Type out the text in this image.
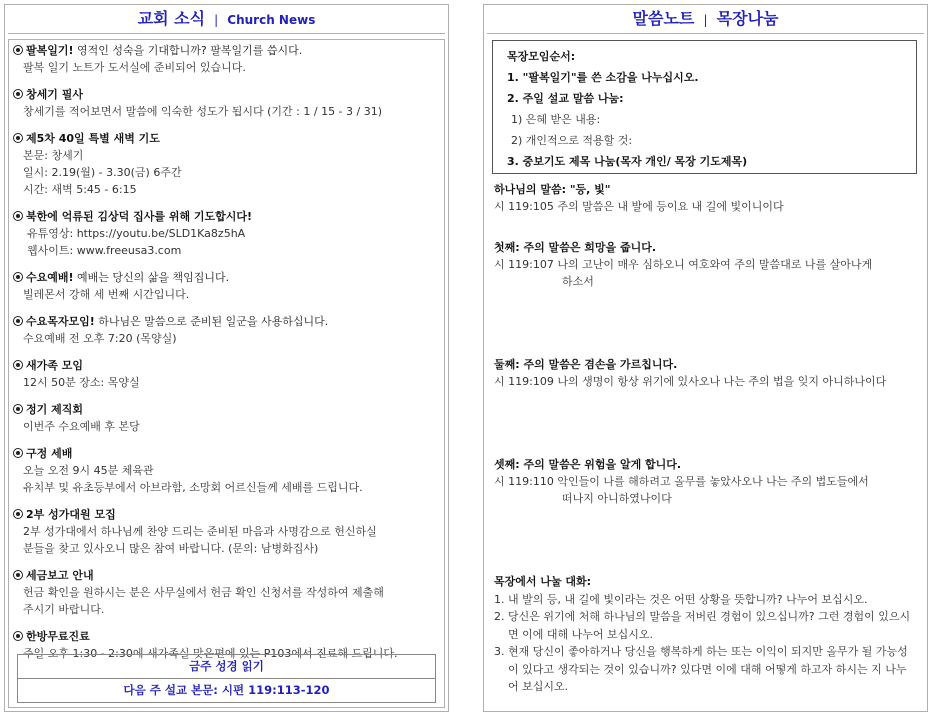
교회 소식 | Church News
팔복일기! 영적인 성숙을 기대합니까? 팔복일기를 씁시다.
팔복 일기 노트가 도서실에 준비되어 있습니다.
창세기 필사
창세기를 적어보면서 말씀에 익숙한 성도가 됩시다 (기간 : 1 / 15 - 3 / 31)
제5차 40일 특별 새벽 기도
본문: 창세기
일시: 2.19(월) - 3.30(금) 6주간
시간: 새벽 5:45 - 6:15
북한에 억류된 김상덕 집사를 위해 기도합시다!
유튜영상: https://youtu.be/SLD1Ka8z5hA
웹사이트: www.freeusa3.com
수요예배! 예배는 당신의 삶을 책임집니다.
빌레몬서 강해 세 번째 시간입니다.
수요목자모임! 하나님은 말씀으로 준비된 일군을 사용하십니다.
수요예배 전 오후 7:20 (목양실)
새가족 모임
12시 50분 장소: 목양실
정기 제직회
이번주 수요예배 후 본당
구정 세배
오늘 오전 9시 45분 체육관
유치부 및 유초등부에서 아브라함, 소망회 어르신들께 세배를 드립니다.
2부 성가대원 모집
2부 성가대에서 하나님께 찬양 드리는 준비된 마음과 사명감으로 헌신하실
분들을 찾고 있사오니 많은 참여 바랍니다. (문의: 남병화집사)
세금보고 안내
헌금 확인을 원하시는 분은 사무실에서 헌금 확인 신청서를 작성하여 제출해
주시기 바랍니다.
한방무료진료
주일 오후 1:30 - 2:30에 새가족실 맞은편에 있는 P103에서 진료해 드립니다.
금주 성경 읽기
다음 주 설교 본문: 시편 119:113-120
말씀노트 | 목장나눔
목장모임순서:
1. "팔복일기"를 쓴 소감을 나누십시오.
2. 주일 설교 말씀 나눔:
1) 은혜 받은 내용:
2) 개인적으로 적용할 것:
3. 중보기도 제목 나눔(목자 개인/ 목장 기도제목)
하나님의 말씀: "등, 빛"
시 119:105 주의 말씀은 내 발에 등이요 내 길에 빛이니이다
첫째: 주의 말씀은 희망을 줍니다.
시 119:107 나의 고난이 매우 심하오니 여호와여 주의 말씀대로 나를 살아나게
하소서
둘째: 주의 말씀은 겸손을 가르칩니다.
시 119:109 나의 생명이 항상 위기에 있사오나 나는 주의 법을 잊지 아니하나이다
셋째: 주의 말씀은 위험을 알게 합니다.
시 119:110 악인들이 나를 해하려고 올무를 놓았사오나 나는 주의 법도들에서
떠나지 아니하였나이다
목장에서 나눌 대화:
1. 내 발의 등, 내 길에 빛이라는 것은 어떤 상황을 뜻합니까? 나누어 보십시오.
2. 당신은 위기에 처해 하나님의 말씀을 저버린 경험이 있으십니까? 그런 경험이 있으시면 이에 대해 나누어 보십시오.
3. 현재 당신이 좋아하거나 당신을 행복하게 하는 또는 이익이 되지만 올무가 될 가능성이 있다고 생각되는 것이 있습니까? 있다면 이에 대해 어떻게 하고자 하시는 지 나누어 보십시오.
